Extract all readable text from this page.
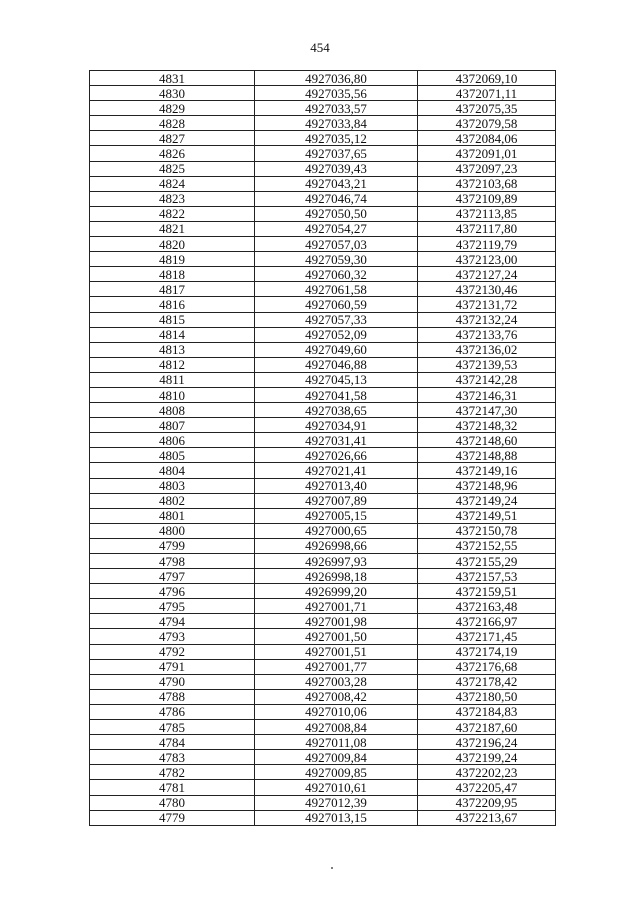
454
4831	4927036,80	4372069,10
4830	4927035,56	4372071,11
4829	4927033,57	4372075,35
4828	4927033,84	4372079,58
4827	4927035,12	4372084,06
4826	4927037,65	4372091,01
4825	4927039,43	4372097,23
4824	4927043,21	4372103,68
4823	4927046,74	4372109,89
4822	4927050,50	4372113,85
4821	4927054,27	4372117,80
4820	4927057,03	4372119,79
4819	4927059,30	4372123,00
4818	4927060,32	4372127,24
4817	4927061,58	4372130,46
4816	4927060,59	4372131,72
4815	4927057,33	4372132,24
4814	4927052,09	4372133,76
4813	4927049,60	4372136,02
4812	4927046,88	4372139,53
4811	4927045,13	4372142,28
4810	4927041,58	4372146,31
4808	4927038,65	4372147,30
4807	4927034,91	4372148,32
4806	4927031,41	4372148,60
4805	4927026,66	4372148,88
4804	4927021,41	4372149,16
4803	4927013,40	4372148,96
4802	4927007,89	4372149,24
4801	4927005,15	4372149,51
4800	4927000,65	4372150,78
4799	4926998,66	4372152,55
4798	4926997,93	4372155,29
4797	4926998,18	4372157,53
4796	4926999,20	4372159,51
4795	4927001,71	4372163,48
4794	4927001,98	4372166,97
4793	4927001,50	4372171,45
4792	4927001,51	4372174,19
4791	4927001,77	4372176,68
4790	4927003,28	4372178,42
4788	4927008,42	4372180,50
4786	4927010,06	4372184,83
4785	4927008,84	4372187,60
4784	4927011,08	4372196,24
4783	4927009,84	4372199,24
4782	4927009,85	4372202,23
4781	4927010,61	4372205,47
4780	4927012,39	4372209,95
4779	4927013,15	4372213,67
